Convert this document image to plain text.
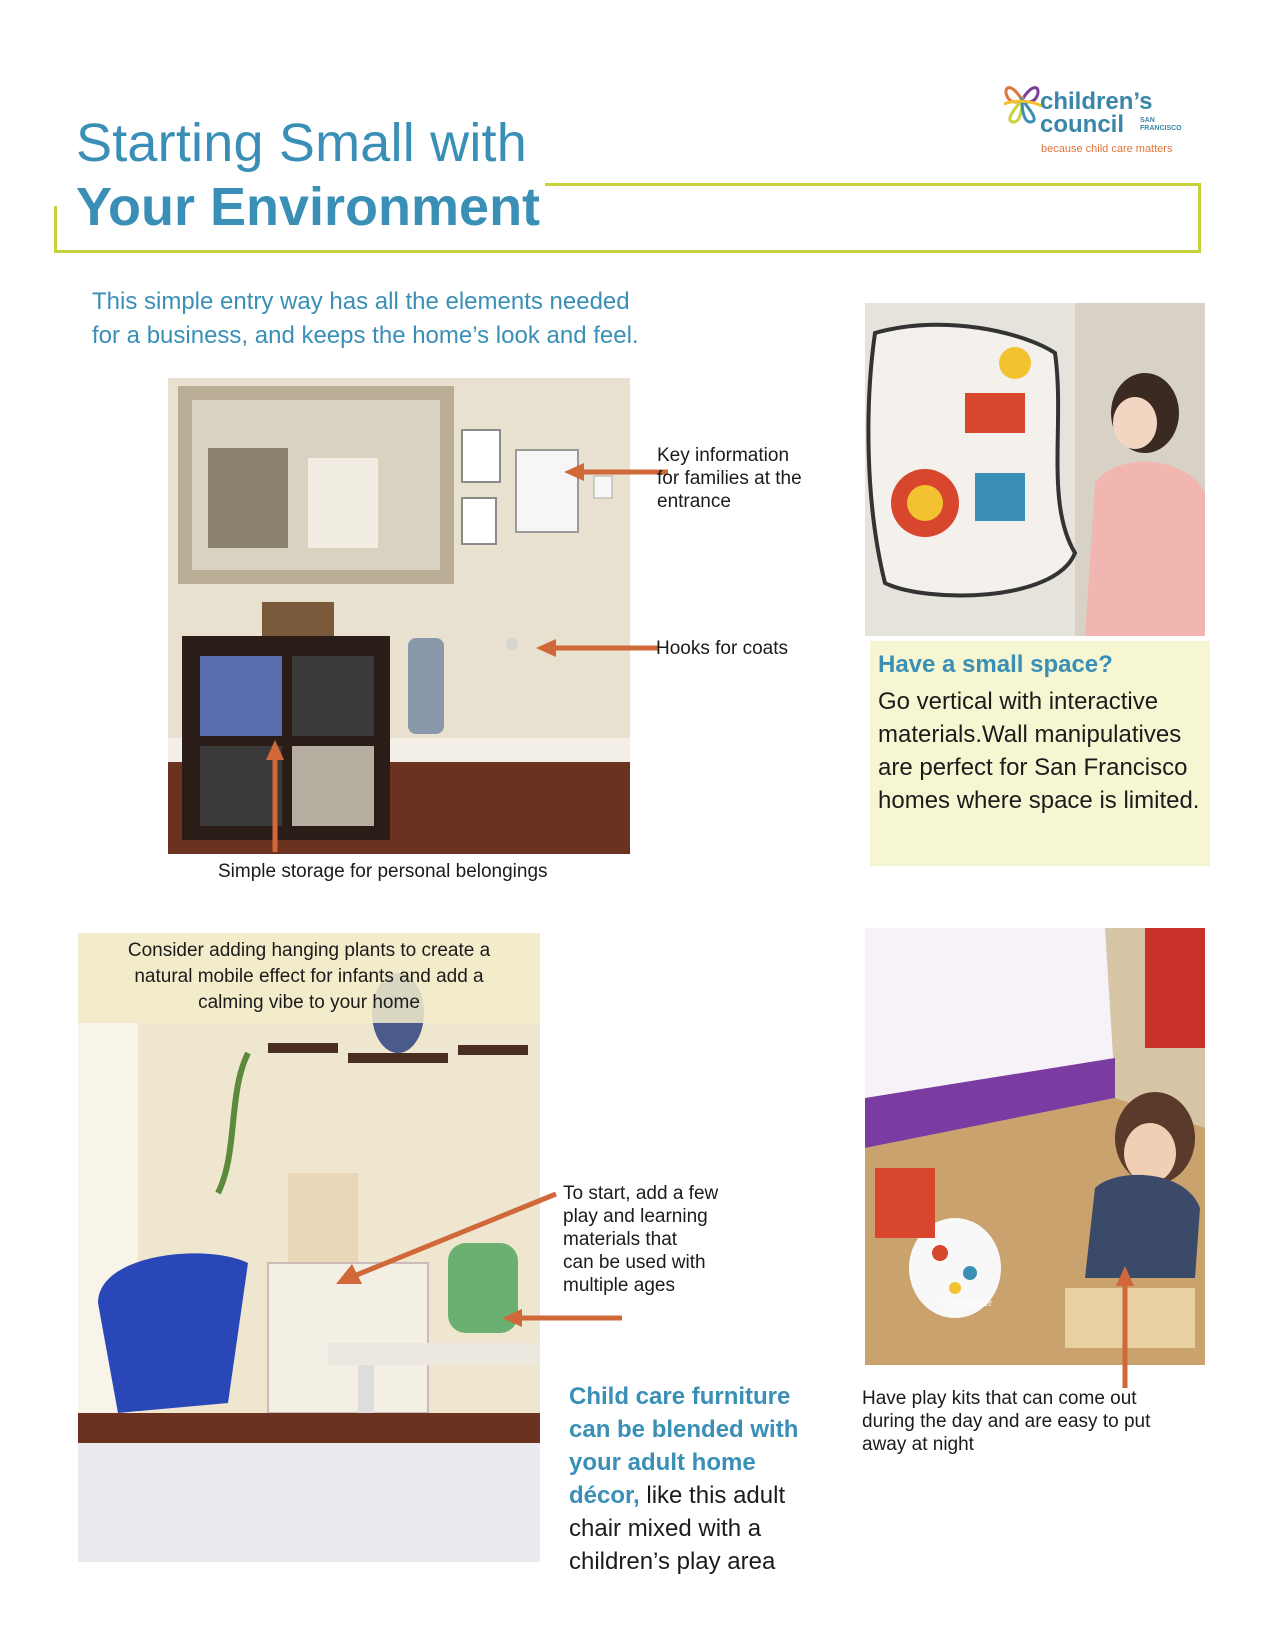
Starting Small with
Your Environment
children’s
council	SAN
FRANCISCO
because child care matters
This simple entry way has all the elements needed
for a business, and keeps the home’s look and feel.
Key information
for families at the
entrance
Hooks for coats
Simple storage for personal belongings
Have a small space?
Go vertical with interactive materials.Wall manipulatives are perfect for San Francisco homes where space is limited.
Consider adding hanging plants to create a
natural mobile effect for infants and add a
calming vibe to your home
To start, add a few
play and learning
materials that
can be used with
multiple ages
Child care furniture
can be blended with
your adult home
décor, like this adult
chair mixed with a
children’s play area
The Pioneer
Have play kits that can come out
during the day and are easy to put
away at night
